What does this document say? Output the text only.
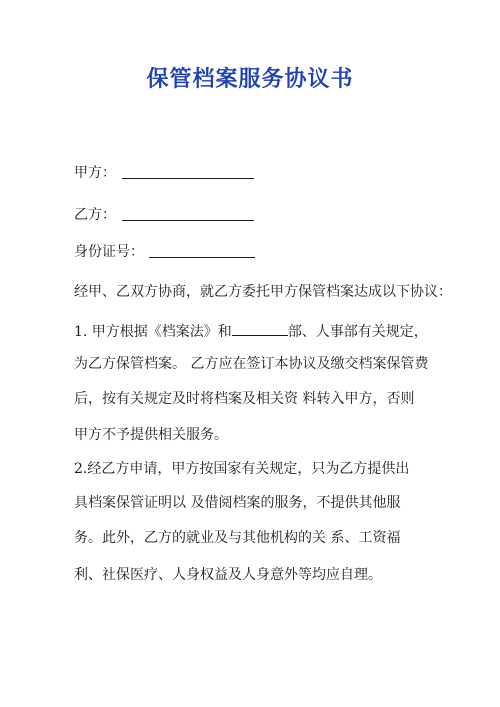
保管档案服务协议书
甲方：
乙方：
身份证号：
经甲、乙双方协商，就乙方委托甲方保管档案达成以下协议：
1. 甲方根据《档案法》和	部、人事部有关规定，
为乙方保管档案。 乙方应在签订本协议及缴交档案保管费
后，按有关规定及时将档案及相关资 料转入甲方，否则
甲方不予提供相关服务。
2.经乙方申请，甲方按国家有关规定，只为乙方提供出
具档案保管证明以 及借阅档案的服务，不提供其他服
务。此外，乙方的就业及与其他机构的关 系、工资福
利、社保医疗、人身权益及人身意外等均应自理。
